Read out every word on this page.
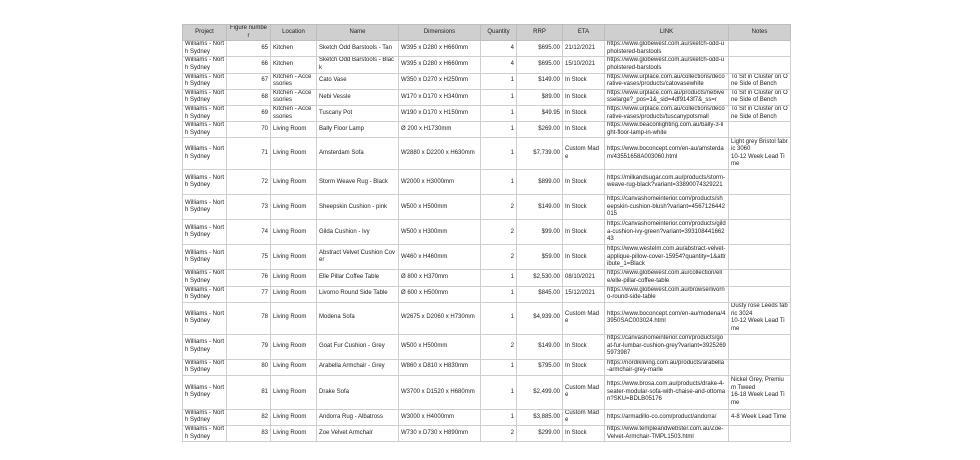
Project	Figure number	Location	Name	Dimensions	Quantity	RRP	ETA	LINK	Notes
Williams - North Sydney	65	Kitchen	Sketch Odd Barstools - Tan	W395 x D280 x H660mm	4	$695.00	21/12/2021	https://www.globewest.com.au/sketch-odd-upholstered-barstools	
Williams - North Sydney	66	Kitchen	Sketch Odd Barstools - Black	W395 x D280 x H660mm	4	$695.00	15/10/2021	https://www.globewest.com.au/sketch-odd-upholstered-barstools	
Williams - North Sydney	67	Kitchen - Accessories	Cato Vase	W350 x D270 x H250mm	1	$149.00	In Stock	https://www.urplace.com.au/collections/decorative-vases/products/catovasewhite	To Sit in Cluster on One Side of Bench
Williams - North Sydney	68	Kitchen - Accessories	Nebi Vessle	W170 x D170 x H340mm	1	$89.00	In Stock	https://www.urplace.com.au/products/nebivesselarge?_pos=1&_sid=4df9143f7&_ss=r	To Sit in Cluster on One Side of Bench
Williams - North Sydney	69	Kitchen - Accessories	Tuscany Pot	W190 x D170 x H150mm	1	$49.95	In Stock	https://www.urplace.com.au/collections/decorative-vases/products/tuscanypotsmall	To Sit in Cluster on One Side of Bench
Williams - North Sydney	70	Living Room	Bally Floor Lamp	Ø 200 x H1730mm	1	$269.00	In Stock	https://www.beaconlighting.com.au/bally-3-light-floor-lamp-in-white	
Williams - North Sydney	71	Living Room	Amsterdam Sofa	W2880 x D2200 x H630mm	1	$7,739.00	Custom Made	https://www.boconcept.com/en-au/amsterdam/43551658A003060.html	Light grey Bristol fabric 3060
10-12 Week Lead Time
Williams - North Sydney	72	Living Room	Storm Weave Rug - Black	W2000 x H3000mm	1	$899.00	In Stock	https://milkandsugar.com.au/products/storm-weave-rug-black?variant=33890074329221	
Williams - North Sydney	73	Living Room	Sheepskin Cushion - pink	W500 x H500mm	2	$149.00	In Stock	https://canvashomeinterior.com/products/sheepskin-cushion-blush?variant=4567126442015	
Williams - North Sydney	74	Living Room	Gilda Cushion - Ivy	W500 x H300mm	2	$99.00	In Stock	https://canvashomeinterior.com/products/gilda-cushion-ivy-green?variant=39310844166243	
Williams - North Sydney	75	Living Room	Abstract Velvet Cushion Cover	W460 x H460mm	2	$59.00	In Stock	https://www.westelm.com.au/abstract-velvet-applique-pillow-cover-15954?quantity=1&attribute_1=Black	
Williams - North Sydney	76	Living Room	Elle Pillar Coffee Table	Ø 800 x H370mm	1	$2,530.00	08/10/2021	https://www.globewest.com.au/collection/elle/elle-pillar-coffee-table	
Williams - North Sydney	77	Living Room	Livorno Round Side Table	Ø 600 x H500mm	1	$845.00	15/12/2021	https://www.globewest.com.au/browse/livorno-round-side-table	
Williams - North Sydney	78	Living Room	Modena Sofa	W2675 x D2060 x H730mm	1	$4,939.00	Custom Made	https://www.boconcept.com/en-au/modena/43950SAC003024.html	Dusty rose Leeds fabric 3024
10-12 Week Lead Time
Williams - North Sydney	79	Living Room	Goat Fur Cushion - Grey	W500 x H500mm	2	$149.00	In Stock	https://canvashomeinterior.com/products/goat-fur-lumbar-cushion-grey?variant=39252695973987	
Williams - North Sydney	80	Living Room	Arabella Armchair - Grey	W860 x D810 x H830mm	1	$795.00	In Stock	https://nordikliving.com.au/products/arabella-armchair-grey-marle	
Williams - North Sydney	81	Living Room	Drake Sofa	W3700 x D1520 x H680mm	1	$2,499.00	Custom Made	https://www.brosa.com.au/products/drake-4-seater-modular-sofa-with-chaise-and-ottoman?SKU=BDLB05176	Nickel Grey, Premium Tweed
16-18 Week Lead Time
Williams - North Sydney	82	Living Room	Andorra Rug - Albatross	W3000 x H4000mm	1	$3,885.00	Custom Made	https://armadillo-co.com/product/andorra/	4-8 Week Lead Time
Williams - North Sydney	83	Living Room	Zoe Velvet Armchair	W730 x D730 x H890mm	2	$299.00	In Stock	https://www.templeandwebster.com.au/Zoe-Velvet-Armchair-TMPL1503.html	
